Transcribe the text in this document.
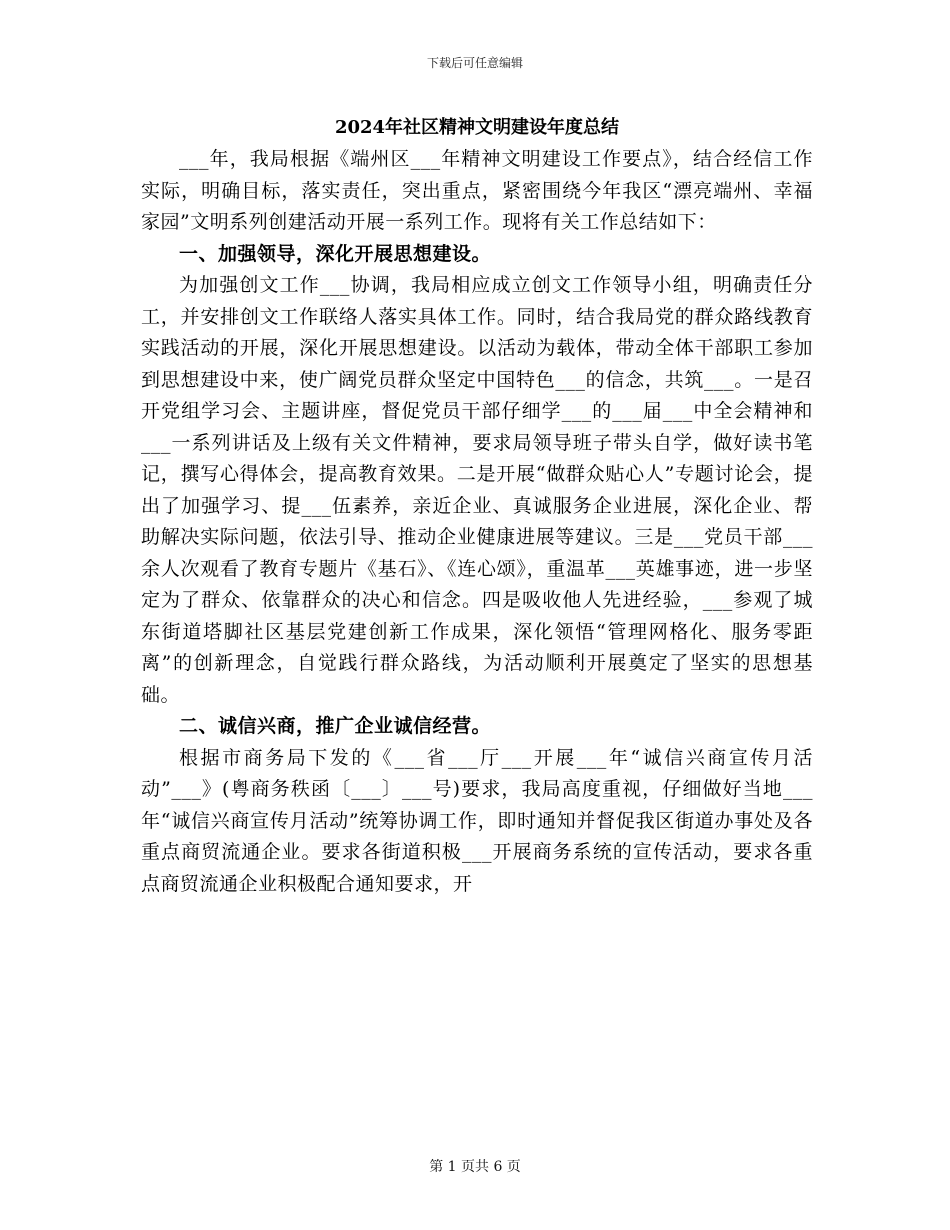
下载后可任意编辑
2024年社区精神文明建设年度总结

___年，我局根据《端州区___年精神文明建设工作要点》，结合经信工作实际，明确目标，落实责任，突出重点，紧密围绕今年我区“漂亮端州、幸福家园”文明系列创建活动开展一系列工作。现将有关工作总结如下：

一、加强领导，深化开展思想建设。

为加强创文工作___协调，我局相应成立创文工作领导小组，明确责任分工，并安排创文工作联络人落实具体工作。同时，结合我局党的群众路线教育实践活动的开展，深化开展思想建设。以活动为载体，带动全体干部职工参加到思想建设中来，使广阔党员群众坚定中国特色___的信念，共筑___。一是召开党组学习会、主题讲座，督促党员干部仔细学___的___届___中全会精神和___一系列讲话及上级有关文件精神，要求局领导班子带头自学，做好读书笔记，撰写心得体会，提高教育效果。二是开展“做群众贴心人”专题讨论会，提出了加强学习、提___伍素养，亲近企业、真诚服务企业进展，深化企业、帮助解决实际问题，依法引导、推动企业健康进展等建议。三是___党员干部___余人次观看了教育专题片《基石》、《连心颂》，重温革___英雄事迹，进一步坚定为了群众、依靠群众的决心和信念。四是吸收他人先进经验，___参观了城东街道塔脚社区基层党建创新工作成果，深化领悟“管理网格化、服务零距离”的创新理念，自觉践行群众路线，为活动顺利开展奠定了坚实的思想基础。

二、诚信兴商，推广企业诚信经营。

根据市商务局下发的《___省___厅___开展___年“诚信兴商宣传月活动”___》(粤商务秩函〔___〕___号)要求，我局高度重视，仔细做好当地___年“诚信兴商宣传月活动”统筹协调工作，即时通知并督促我区街道办事处及各重点商贸流通企业。要求各街道积极___开展商务系统的宣传活动，要求各重点商贸流通企业积极配合通知要求，开

第 1 页共 6 页
